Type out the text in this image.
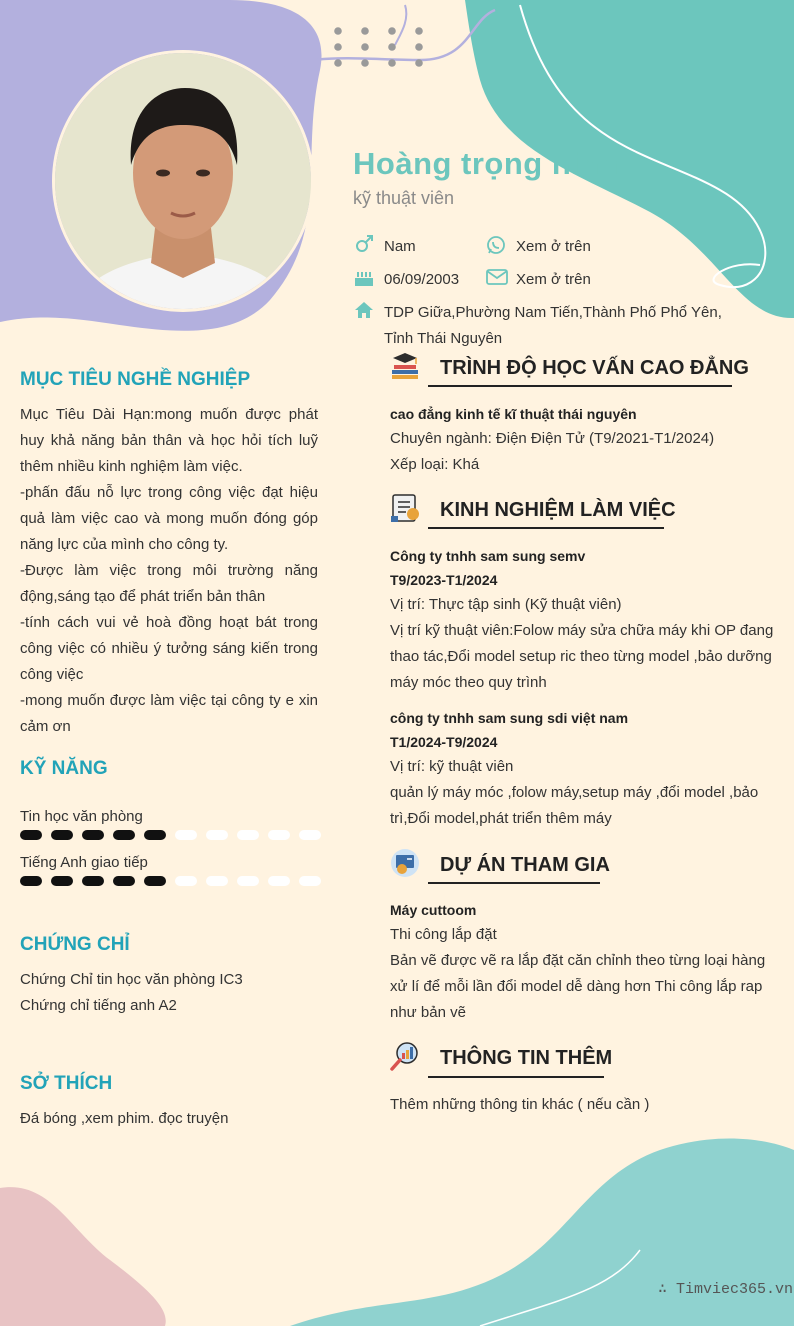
Hoàng trọng ninh
kỹ thuật viên
Nam	Xem ở trên
06/09/2003	Xem ở trên
TDP Giữa,Phường Nam Tiến,Thành Phố Phổ Yên,
Tỉnh Thái Nguyên
MỤC TIÊU NGHỀ NGHIỆP

Mục Tiêu Dài Hạn:mong muốn được phát huy khả năng bản thân và học hỏi tích luỹ thêm nhiều kinh nghiệm làm việc.

-phấn đấu nỗ lực trong công việc đạt hiệu quả làm việc cao và mong muốn đóng góp năng lực của mình cho công ty.

-Được làm việc trong môi trường năng động,sáng tạo để phát triển bản thân

-tính cách vui vẻ hoà đồng hoạt bát trong công việc có nhiều ý tưởng sáng kiến trong công việc

-mong muốn được làm việc tại công ty e xin cảm ơn

KỸ NĂNG
Tin học văn phòng
Tiếng Anh giao tiếp
CHỨNG CHỈ

Chứng Chỉ tin học văn phòng IC3

Chứng chỉ tiếng anh A2

SỞ THÍCH

Đá bóng ,xem phim. đọc truyện

TRÌNH ĐỘ HỌC VẤN CAO ĐẲNG

cao đẳng kinh tế kĩ thuật thái nguyên

Chuyên ngành: Điện Điện Tử (T9/2021-T1/2024)

Xếp loại: Khá

KINH NGHIỆM LÀM VIỆC

Công ty tnhh sam sung semv

T9/2023-T1/2024

Vị trí: Thực tập sinh (Kỹ thuật viên)

Vị trí kỹ thuật viên:Folow máy sửa chữa máy khi OP đang thao tác,Đổi model setup ric theo từng model ,bảo dưỡng máy móc theo quy trình

công ty tnhh sam sung sdi việt nam

T1/2024-T9/2024

Vị trí: kỹ thuật viên

quản lý máy móc ,folow máy,setup máy ,đổi model ,bảo trì,Đổi model,phát triển thêm máy

DỰ ÁN THAM GIA

Máy cuttoom

Thi công lắp đặt

Bản vẽ được vẽ ra lắp đặt căn chỉnh theo từng loại hàng xử lí để mỗi lần đổi model dễ dàng hơn Thi công lắp rap như bản vẽ

THÔNG TIN THÊM

Thêm những thông tin khác ( nếu cần )

∴ Timviec365.vn
